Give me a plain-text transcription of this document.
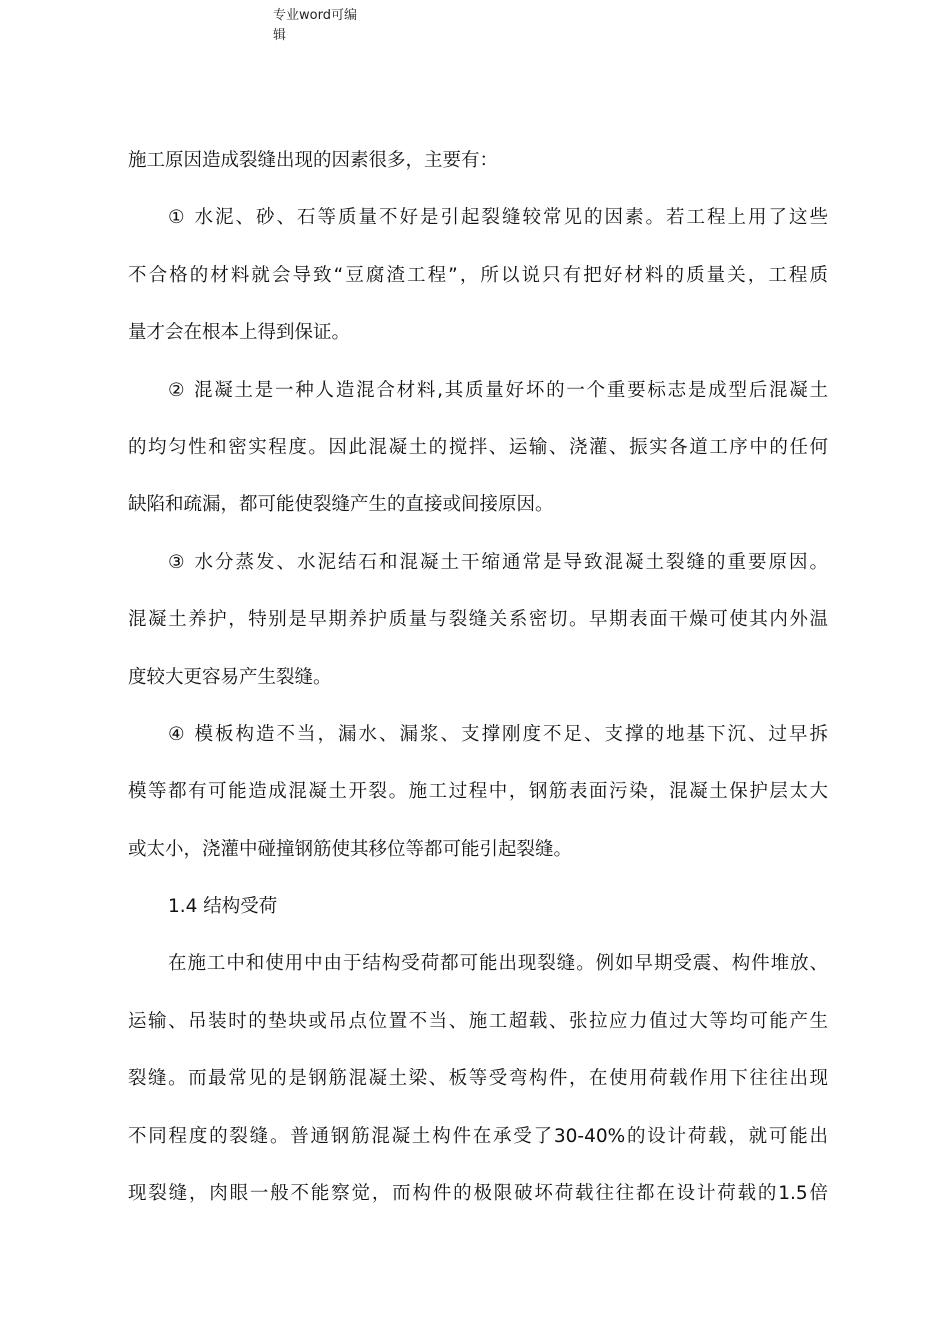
专业word可编
辑
施工原因造成裂缝出现的因素很多，主要有：
① 水泥、砂、石等质量不好是引起裂缝较常见的因素。若工程上用了这些
不合格的材料就会导致“豆腐渣工程”，所以说只有把好材料的质量关，工程质
量才会在根本上得到保证。
② 混凝土是一种人造混合材料,其质量好坏的一个重要标志是成型后混凝土
的均匀性和密实程度。因此混凝土的搅拌、运输、浇灌、振实各道工序中的任何
缺陷和疏漏，都可能使裂缝产生的直接或间接原因。
③ 水分蒸发、水泥结石和混凝土干缩通常是导致混凝土裂缝的重要原因。
混凝土养护，特别是早期养护质量与裂缝关系密切。早期表面干燥可使其内外温
度较大更容易产生裂缝。
④ 模板构造不当，漏水、漏浆、支撑刚度不足、支撑的地基下沉、过早拆
模等都有可能造成混凝土开裂。施工过程中，钢筋表面污染，混凝土保护层太大
或太小，浇灌中碰撞钢筋使其移位等都可能引起裂缝。
1.4 结构受荷
在施工中和使用中由于结构受荷都可能出现裂缝。例如早期受震、构件堆放、
运输、吊装时的垫块或吊点位置不当、施工超载、张拉应力值过大等均可能产生
裂缝。而最常见的是钢筋混凝土梁、板等受弯构件，在使用荷载作用下往往出现
不同程度的裂缝。普通钢筋混凝土构件在承受了30-40%的设计荷载，就可能出
现裂缝，肉眼一般不能察觉，而构件的极限破坏荷载往往都在设计荷载的1.5倍
